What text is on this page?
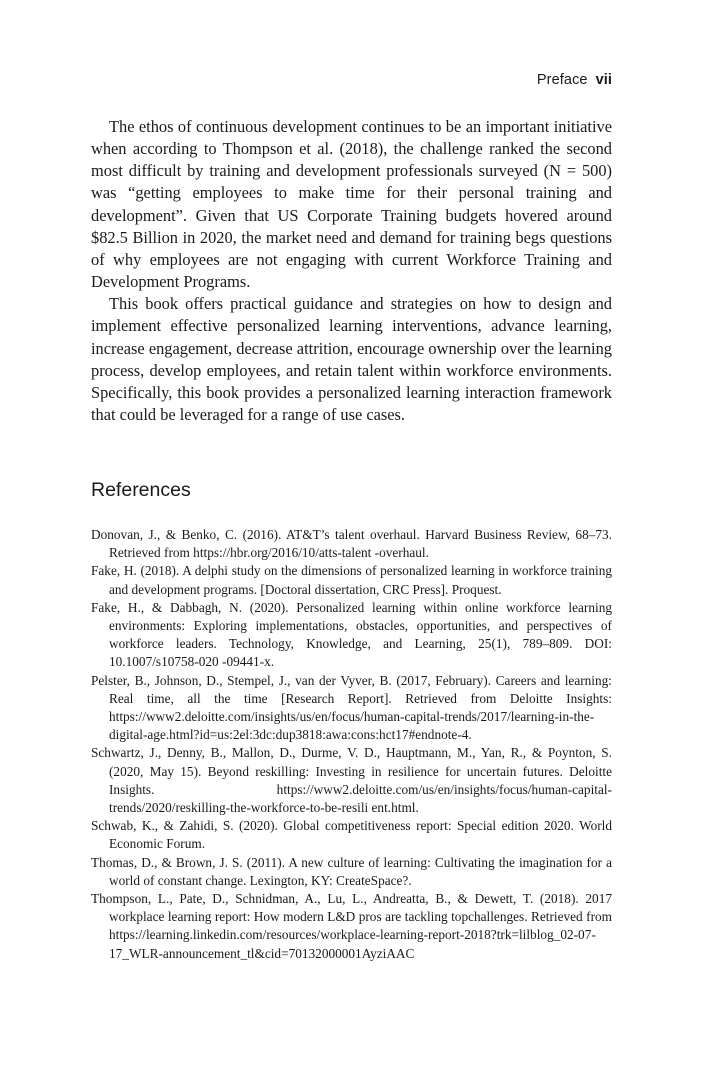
Preface vii

The ethos of continuous development continues to be an important initiative when according to Thompson et al. (2018), the challenge ranked the second most difficult by training and development professionals surveyed (N = 500) was “getting employees to make time for their personal training and development”. Given that US Corporate Training budgets hovered around $82.5 Billion in 2020, the market need and demand for training begs questions of why employees are not engaging with current Workforce Training and Development Programs.

This book offers practical guidance and strategies on how to design and implement effective personalized learning interventions, advance learning, increase engagement, decrease attrition, encourage ownership over the learning process, develop employees, and retain talent within workforce environments. Specifically, this book provides a personalized learning interaction framework that could be leveraged for a range of use cases.

References

Donovan, J., & Benko, C. (2016). AT&T’s talent overhaul. Harvard Business Review, 68–73. Retrieved from https://hbr.org/2016/10/atts-talent -overhaul.

Fake, H. (2018). A delphi study on the dimensions of personalized learning in workforce training and development programs. [Doctoral dissertation, CRC Press]. Proquest.

Fake, H., & Dabbagh, N. (2020). Personalized learning within online workforce learning environments: Exploring implementations, obstacles, opportunities, and perspectives of workforce leaders. Technology, Knowledge, and Learning, 25(1), 789–809. DOI: 10.1007/s10758-020 -09441-x.

Pelster, B., Johnson, D., Stempel, J., van der Vyver, B. (2017, February). Careers and learning: Real time, all the time [Research Report]. Retrieved from Deloitte Insights: https://www2.deloitte.com/insights/us/en/focus/human-capital-trends/2017/learning-in-the-digital-age.html?id=us:2el:3dc:dup3818:awa:cons:hct17#endnote-4.

Schwartz, J., Denny, B., Mallon, D., Durme, V. D., Hauptmann, M., Yan, R., & Poynton, S. (2020, May 15). Beyond reskilling: Investing in resilience for uncertain futures. Deloitte Insights. https://www2.deloitte.com/us/en/insights/focus/human-capital-trends/2020/reskilling-the-workforce-to-be-resili ent.html.

Schwab, K., & Zahidi, S. (2020). Global competitiveness report: Special edition 2020. World Economic Forum.

Thomas, D., & Brown, J. S. (2011). A new culture of learning: Cultivating the imagination for a world of constant change. Lexington, KY: CreateSpace?.

Thompson, L., Pate, D., Schnidman, A., Lu, L., Andreatta, B., & Dewett, T. (2018). 2017 workplace learning report: How modern L&D pros are tackling topchallenges. Retrieved from https://learning.linkedin.com/resources/workplace-learning-report-2018?trk=lilblog_02-07-17_WLR-announcement_tl&cid=70132000001AyziAAC
